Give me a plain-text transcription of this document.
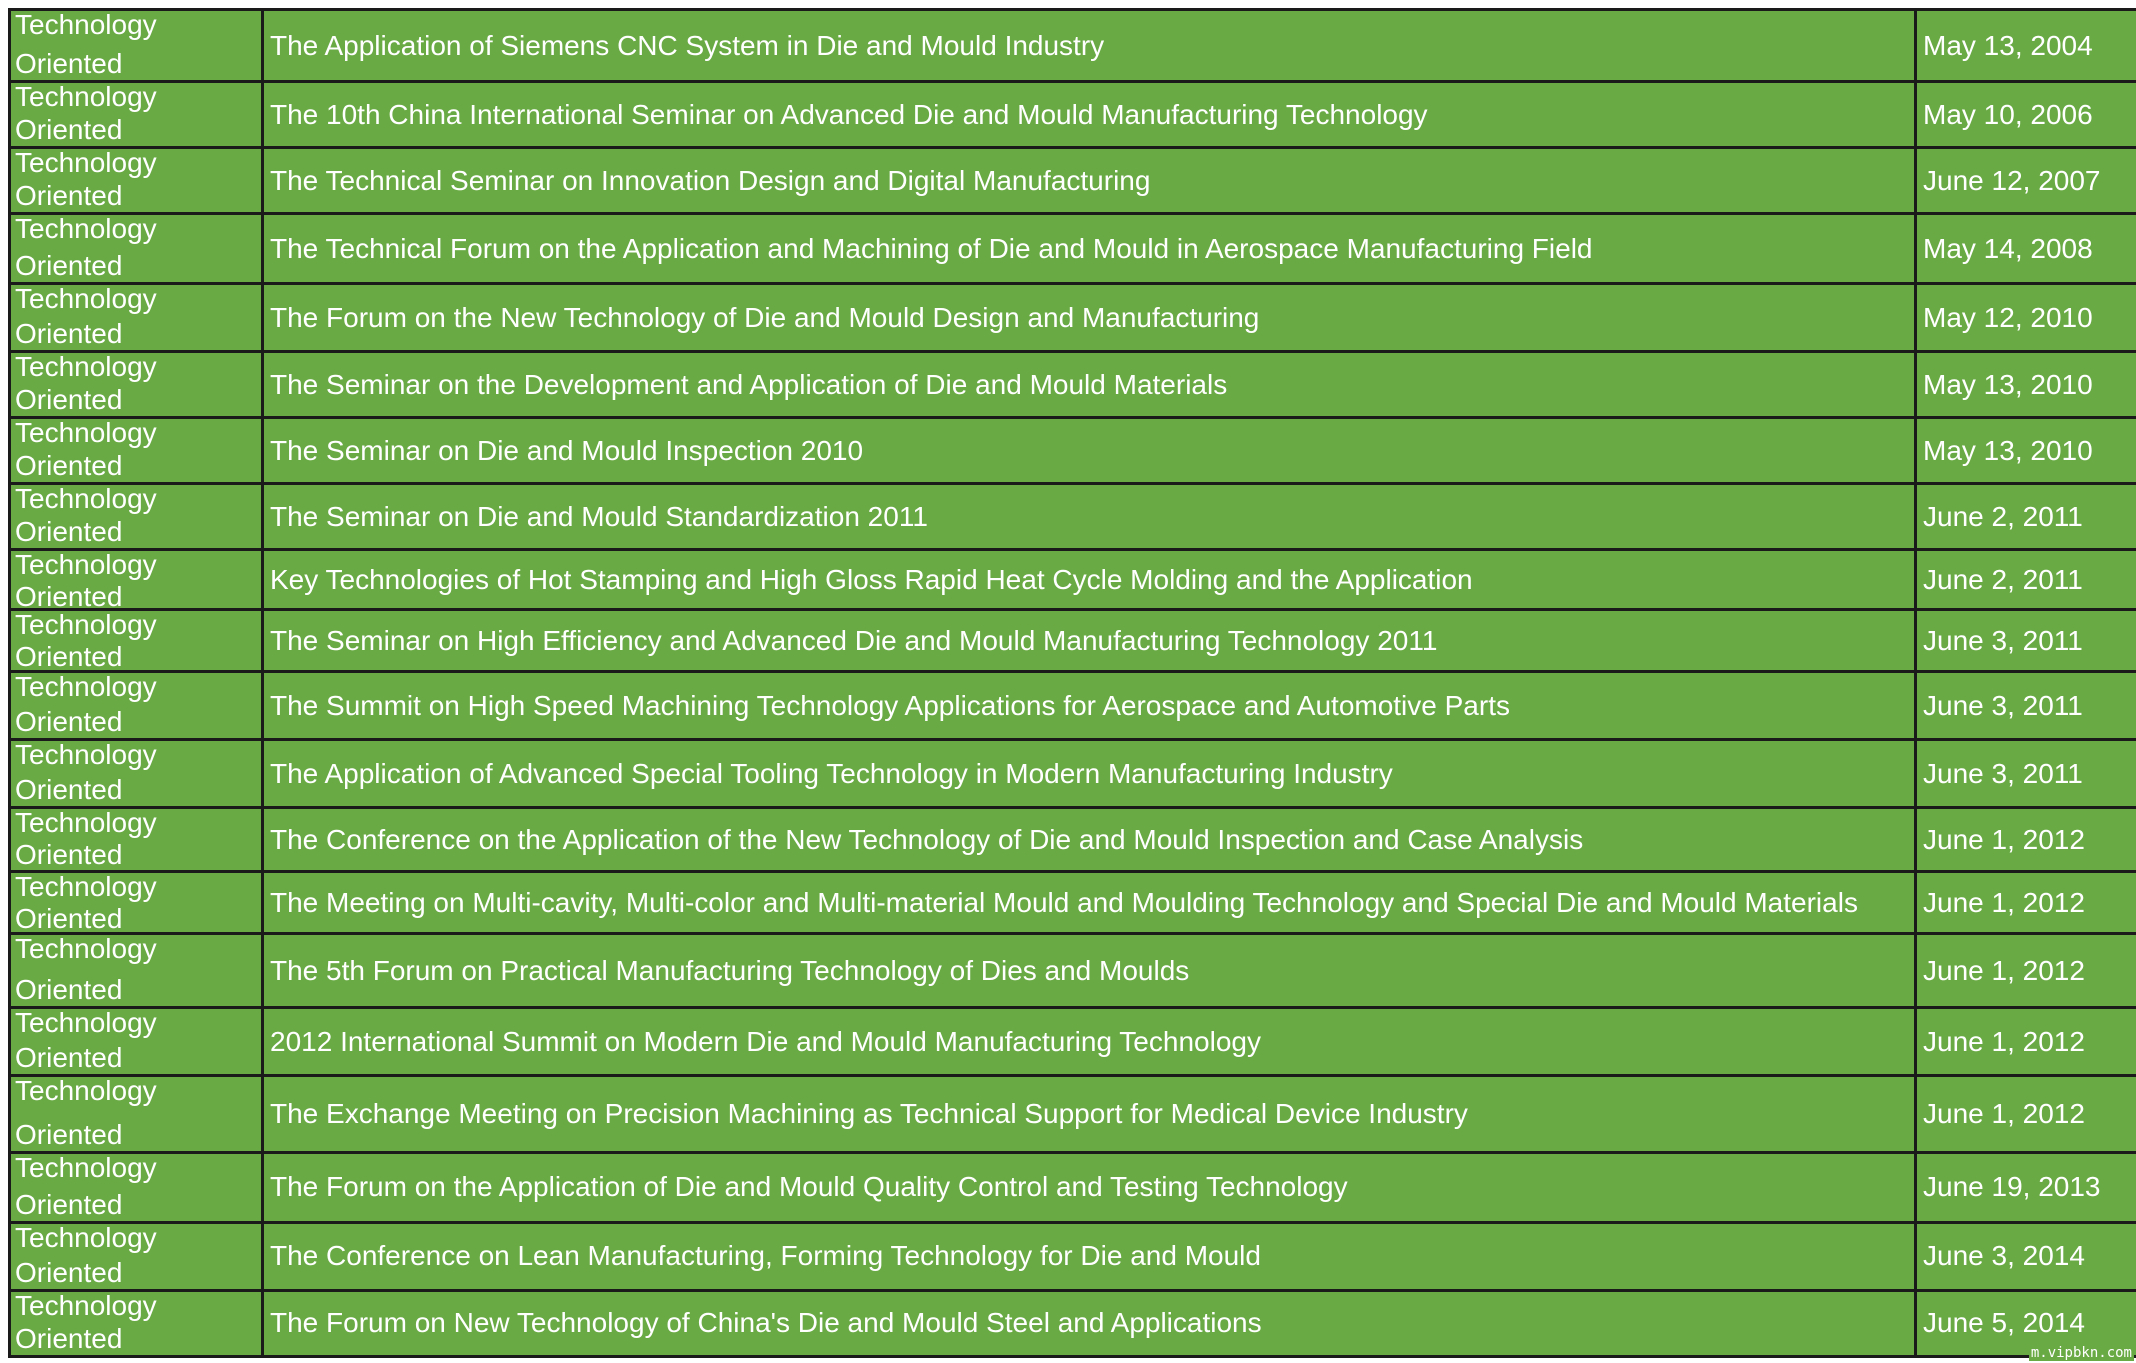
Technology
Oriented	The Application of Siemens CNC System in Die and Mould Industry	May 13, 2004

Technology
Oriented	The 10th China International Seminar on Advanced Die and Mould Manufacturing Technology	May 10, 2006

Technology
Oriented	The Technical Seminar on Innovation Design and Digital Manufacturing	June 12, 2007

Technology
Oriented	The Technical Forum on the Application and Machining of Die and Mould in Aerospace Manufacturing Field	May 14, 2008

Technology
Oriented	The Forum on the New Technology of Die and Mould Design and Manufacturing	May 12, 2010

Technology
Oriented	The Seminar on the Development and Application of Die and Mould Materials	May 13, 2010

Technology
Oriented	The Seminar on Die and Mould Inspection 2010	May 13, 2010

Technology
Oriented	The Seminar on Die and Mould Standardization 2011	June 2, 2011

Technology
Oriented	Key Technologies of Hot Stamping and High Gloss Rapid Heat Cycle Molding and the Application	June 2, 2011

Technology
Oriented	The Seminar on High Efficiency and Advanced Die and Mould Manufacturing Technology 2011	June 3, 2011

Technology
Oriented	The Summit on High Speed Machining Technology Applications for Aerospace and Automotive Parts	June 3, 2011

Technology
Oriented	The Application of Advanced Special Tooling Technology in Modern Manufacturing Industry	June 3, 2011

Technology
Oriented	The Conference on the Application of the New Technology of Die and Mould Inspection and Case Analysis	June 1, 2012

Technology
Oriented	The Meeting on Multi-cavity, Multi-color and Multi-material Mould and Moulding Technology and Special Die and Mould Materials	June 1, 2012

Technology
Oriented	The 5th Forum on Practical Manufacturing Technology of Dies and Moulds	June 1, 2012

Technology
Oriented	2012 International Summit on Modern Die and Mould Manufacturing Technology	June 1, 2012

Technology
Oriented	The Exchange Meeting on Precision Machining as Technical Support for Medical Device Industry	June 1, 2012

Technology
Oriented	The Forum on the Application of Die and Mould Quality Control and Testing Technology	June 19, 2013

Technology
Oriented	The Conference on Lean Manufacturing, Forming Technology for Die and Mould	June 3, 2014

Technology
Oriented	The Forum on New Technology of China's Die and Mould Steel and Applications	June 5, 2014
m.vipbkn.com
